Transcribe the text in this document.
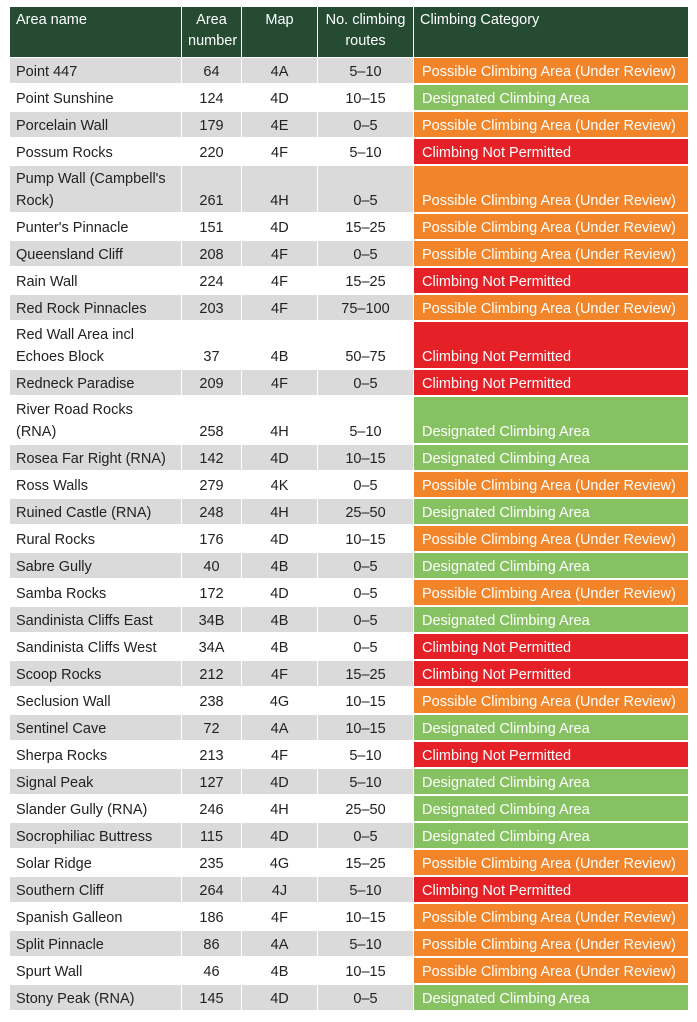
Area name	Area number	Map	No. climbing routes	Climbing Category
Point 447	64	4A	5–10	Possible Climbing Area (Under Review)
Point Sunshine	124	4D	10–15	Designated Climbing Area
Porcelain Wall	179	4E	0–5	Possible Climbing Area (Under Review)
Possum Rocks	220	4F	5–10	Climbing Not Permitted
Pump Wall (Campbell's Rock)	261	4H	0–5	Possible Climbing Area (Under Review)
Punter's Pinnacle	151	4D	15–25	Possible Climbing Area (Under Review)
Queensland Cliff	208	4F	0–5	Possible Climbing Area (Under Review)
Rain Wall	224	4F	15–25	Climbing Not Permitted
Red Rock Pinnacles	203	4F	75–100	Possible Climbing Area (Under Review)
Red Wall Area incl Echoes Block	37	4B	50–75	Climbing Not Permitted
Redneck Paradise	209	4F	0–5	Climbing Not Permitted
River Road Rocks (RNA)	258	4H	5–10	Designated Climbing Area
Rosea Far Right (RNA)	142	4D	10–15	Designated Climbing Area
Ross Walls	279	4K	0–5	Possible Climbing Area (Under Review)
Ruined Castle (RNA)	248	4H	25–50	Designated Climbing Area
Rural Rocks	176	4D	10–15	Possible Climbing Area (Under Review)
Sabre Gully	40	4B	0–5	Designated Climbing Area
Samba Rocks	172	4D	0–5	Possible Climbing Area (Under Review)
Sandinista Cliffs East	34B	4B	0–5	Designated Climbing Area
Sandinista Cliffs West	34A	4B	0–5	Climbing Not Permitted
Scoop Rocks	212	4F	15–25	Climbing Not Permitted
Seclusion Wall	238	4G	10–15	Possible Climbing Area (Under Review)
Sentinel Cave	72	4A	10–15	Designated Climbing Area
Sherpa Rocks	213	4F	5–10	Climbing Not Permitted
Signal Peak	127	4D	5–10	Designated Climbing Area
Slander Gully (RNA)	246	4H	25–50	Designated Climbing Area
Socrophiliac Buttress	115	4D	0–5	Designated Climbing Area
Solar Ridge	235	4G	15–25	Possible Climbing Area (Under Review)
Southern Cliff	264	4J	5–10	Climbing Not Permitted
Spanish Galleon	186	4F	10–15	Possible Climbing Area (Under Review)
Split Pinnacle	86	4A	5–10	Possible Climbing Area (Under Review)
Spurt Wall	46	4B	10–15	Possible Climbing Area (Under Review)
Stony Peak (RNA)	145	4D	0–5	Designated Climbing Area
